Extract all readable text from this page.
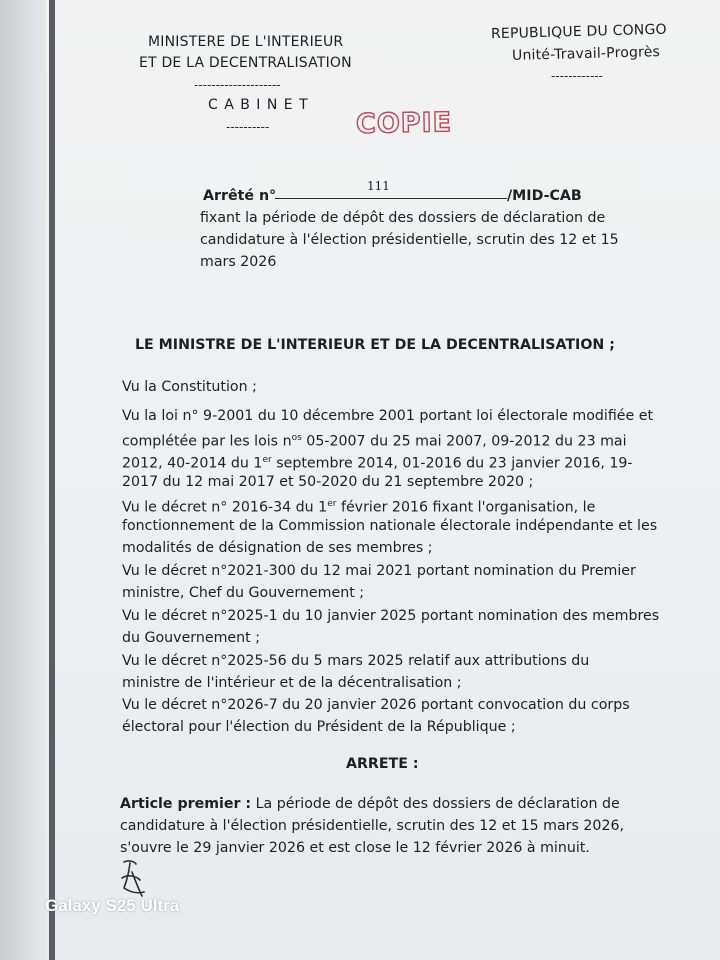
MINISTERE DE L'INTERIEUR

ET DE LA DECENTRALISATION

--------------------

C A B I N E T

----------

REPUBLIQUE DU CONGO

Unité-Travail-Progrès

------------

COPIE

Arrêté n°

111

/MID-CAB

fixant la période de dépôt des dossiers de déclaration de

candidature à l'élection présidentielle, scrutin des 12 et 15

mars 2026

LE MINISTRE DE L'INTERIEUR ET DE LA DECENTRALISATION ;

Vu la Constitution ;

Vu la loi n° 9-2001 du 10 décembre 2001 portant loi électorale modifiée et

complétée par les lois $n^{os}$ 05-2007 du 25 mai 2007, 09-2012 du 23 mai

2012, 40-2014 du 1er septembre 2014, 01-2016 du 23 janvier 2016, 19-

2017 du 12 mai 2017 et 50-2020 du 21 septembre 2020 ;

Vu le décret n° 2016-34 du 1er février 2016 fixant l'organisation, le

fonctionnement de la Commission nationale électorale indépendante et les

modalités de désignation de ses membres ;

Vu le décret n°2021-300 du 12 mai 2021 portant nomination du Premier

ministre, Chef du Gouvernement ;

Vu le décret n°2025-1 du 10 janvier 2025 portant nomination des membres

du Gouvernement ;

Vu le décret n°2025-56 du 5 mars 2025 relatif aux attributions du

ministre de l'intérieur et de la décentralisation ;

Vu le décret n°2026-7 du 20 janvier 2026 portant convocation du corps

électoral pour l'élection du Président de la République ;

ARRETE :

Article premier : La période de dépôt des dossiers de déclaration de

candidature à l'élection présidentielle, scrutin des 12 et 15 mars 2026,

s'ouvre le 29 janvier 2026 et est close le 12 février 2026 à minuit.

Galaxy S25 Ultra
